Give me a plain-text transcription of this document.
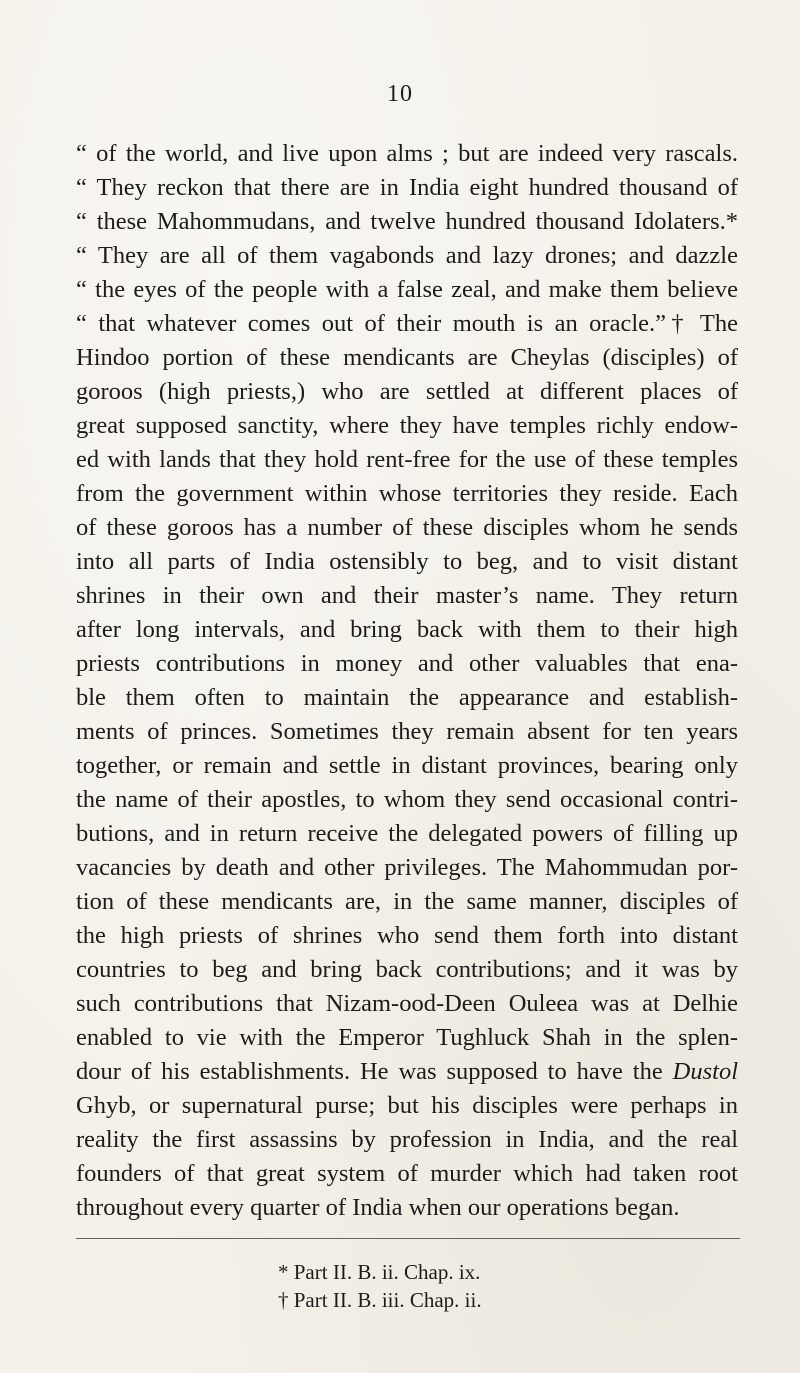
10
“ of the world, and live upon alms ; but are indeed very rascals.
“ They reckon that there are in India eight hundred thousand of
“ these Mahommudans, and twelve hundred thousand Idolaters.*
“ They are all of them vagabonds and lazy drones; and dazzle
“ the eyes of the people with a false zeal, and make them believe
“ that whatever comes out of their mouth is an oracle.”† The
Hindoo portion of these mendicants are Cheylas (disciples) of
goroos (high priests,) who are settled at different places of
great supposed sanctity, where they have temples richly endow-
ed with lands that they hold rent-free for the use of these temples
from the government within whose territories they reside. Each
of these goroos has a number of these disciples whom he sends
into all parts of India ostensibly to beg, and to visit distant
shrines in their own and their master’s name. They return
after long intervals, and bring back with them to their high
priests contributions in money and other valuables that ena-
ble them often to maintain the appearance and establish-
ments of princes. Sometimes they remain absent for ten years
together, or remain and settle in distant provinces, bearing only
the name of their apostles, to whom they send occasional contri-
butions, and in return receive the delegated powers of filling up
vacancies by death and other privileges. The Mahommudan por-
tion of these mendicants are, in the same manner, disciples of
the high priests of shrines who send them forth into distant
countries to beg and bring back contributions; and it was by
such contributions that Nizam-ood-Deen Ouleea was at Delhie
enabled to vie with the Emperor Tughluck Shah in the splen-
dour of his establishments. He was supposed to have the Dustol
Ghyb, or supernatural purse; but his disciples were perhaps in
reality the first assassins by profession in India, and the real
founders of that great system of murder which had taken root
throughout every quarter of India when our operations began.
* Part II. B. ii. Chap. ix.
† Part II. B. iii. Chap. ii.
